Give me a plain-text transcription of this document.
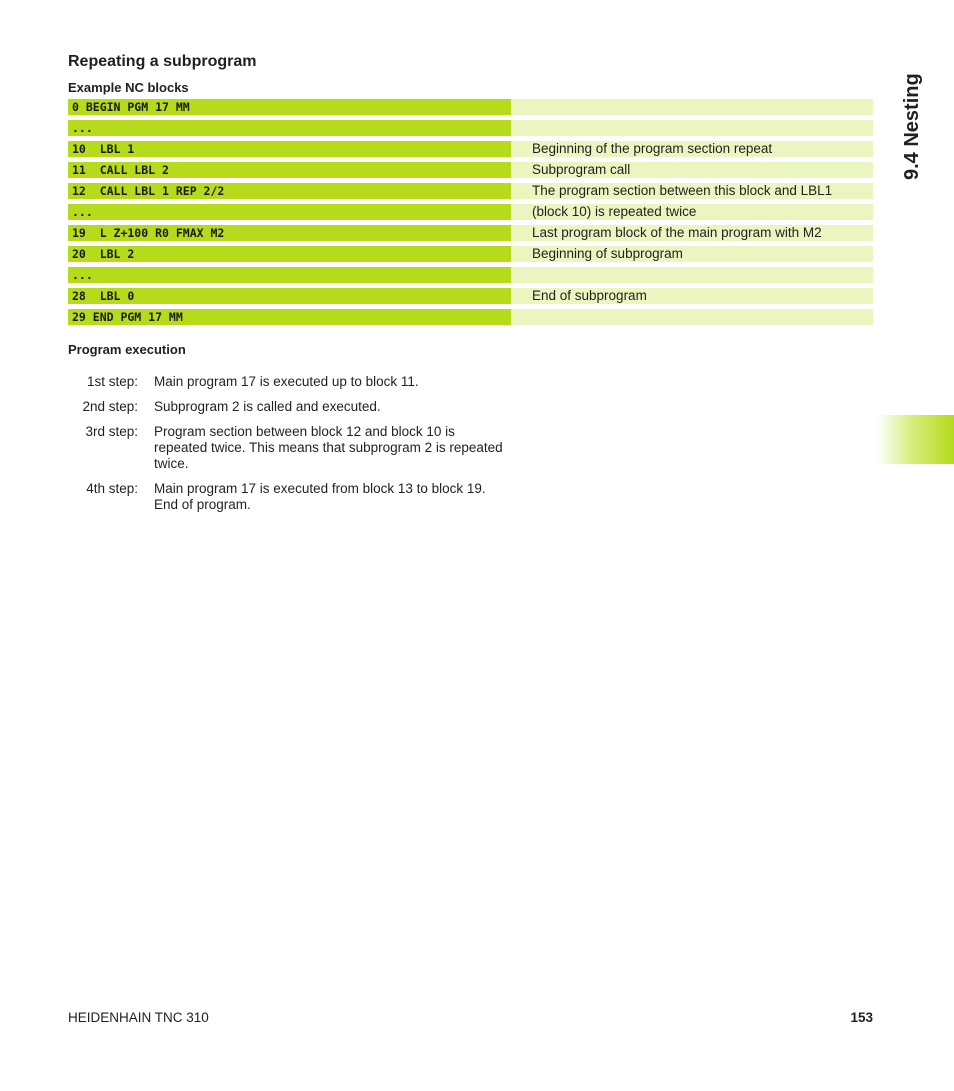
Repeating a subprogram
Example NC blocks
0 BEGIN PGM 17 MM
...
10  LBL 1	Beginning of the program section repeat
11  CALL LBL 2	Subprogram call
12  CALL LBL 1 REP 2/2	The program section between this block and LBL1
...	(block 10) is repeated twice
19  L Z+100 R0 FMAX M2	Last program block of the main program with M2
20  LBL 2	Beginning of subprogram
...
28  LBL 0	End of subprogram
29 END PGM 17 MM
Program execution
1st step: Main program 17 is executed up to block 11.
2nd step: Subprogram 2 is called and executed.
3rd step: Program section between block 12 and block 10 is repeated twice. This means that subprogram 2 is repeated twice.
4th step: Main program 17 is executed from block 13 to block 19. End of program.
9.4 Nesting
HEIDENHAIN TNC 310	153
